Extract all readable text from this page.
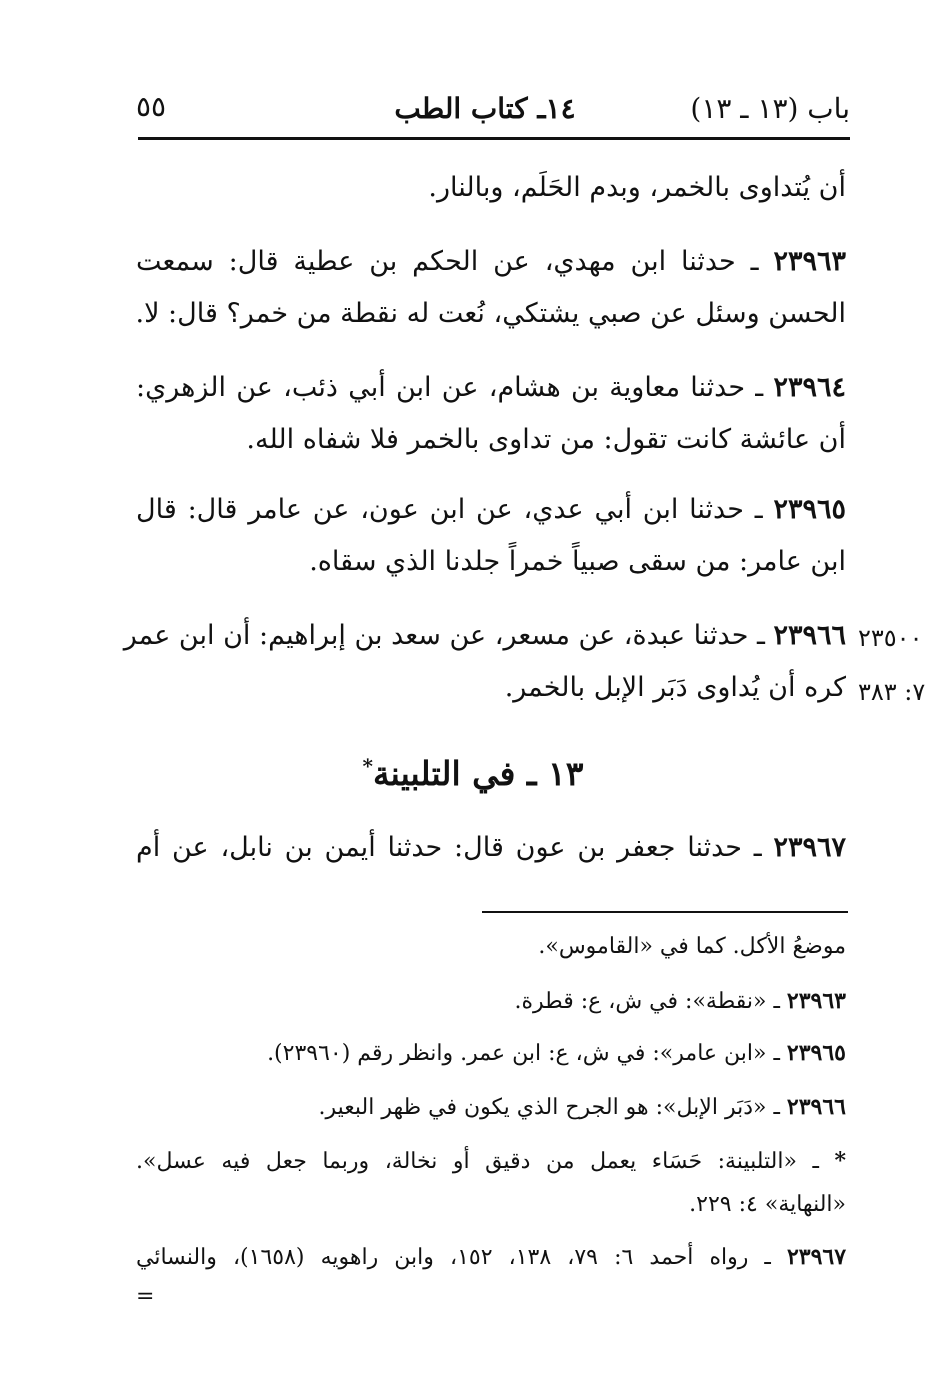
باب (١٣ ـ ١٣)
١٤ـ كتاب الطب
٥٥
أن يُتداوى بالخمر، وبدم الحَلَم، وبالنار.
٢٣٩٦٣ ـ حدثنا ابن مهدي، عن الحكم بن عطية قال: سمعت
الحسن وسئل عن صبي يشتكي، نُعت له نقطة من خمر؟ قال: لا.
٢٣٩٦٤ ـ حدثنا معاوية بن هشام، عن ابن أبي ذئب، عن الزهري:
أن عائشة كانت تقول: من تداوى بالخمر فلا شفاه الله.
٢٣٩٦٥ ـ حدثنا ابن أبي عدي، عن ابن عون، عن عامر قال: قال
ابن عامر: من سقى صبياً خمراً جلدنا الذي سقاه.
٢٣٩٦٦ ـ حدثنا عبدة، عن مسعر، عن سعد بن إبراهيم: أن ابن عمر	٢٣٥٠٠
كره أن يُداوى دَبَر الإبل بالخمر. ٧: ٣٨٣
١٣ ـ في التلبينة*
٢٣٩٦٧ ـ حدثنا جعفر بن عون قال: حدثنا أيمن بن نابل، عن أم
موضعُ الأكل. كما في «القاموس».
٢٣٩٦٣ ـ «نقطة»: في ش، ع: قطرة.
٢٣٩٦٥ ـ «ابن عامر»: في ش، ع: ابن عمر. وانظر رقم (٢٣٩٦٠).
٢٣٩٦٦ ـ «دَبَر الإبل»: هو الجرح الذي يكون في ظهر البعير.
* ـ «التلبينة: حَسَاء يعمل من دقيق أو نخالة، وربما جعل فيه عسل».
«النهاية» ٤: ٢٢٩.
٢٣٩٦٧ ـ رواه أحمد ٦: ٧٩، ١٣٨، ١٥٢، وابن راهويه (١٦٥٨)، والنسائي
=
